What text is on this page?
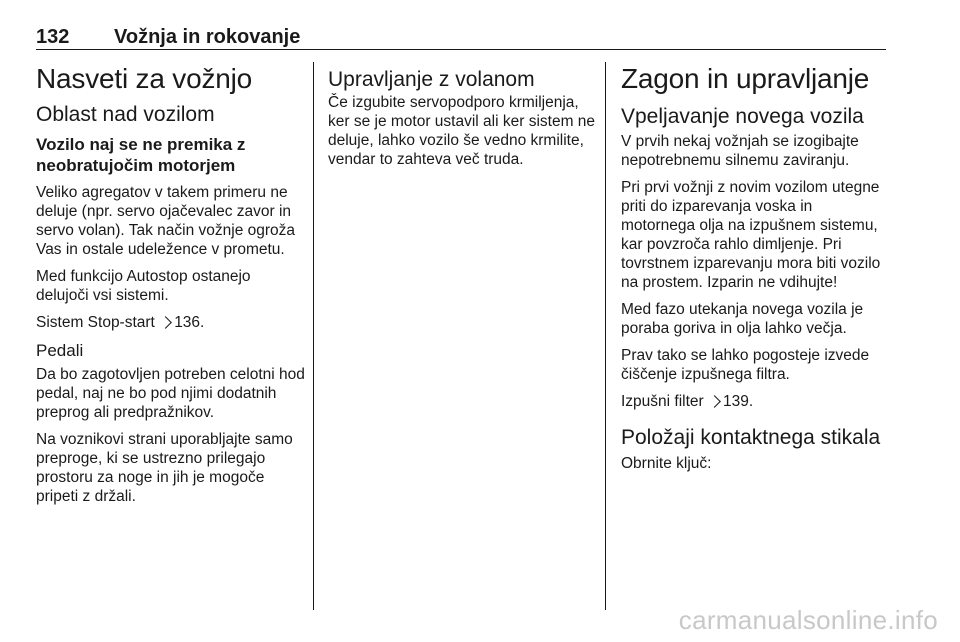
132 Vožnja in rokovanje
Nasveti za vožnjo
Oblast nad vozilom
Vozilo naj se ne premika z neobratujočim motorjem
Veliko agregatov v takem primeru ne deluje (npr. servo ojačevalec zavor in servo volan). Tak način vožnje ogroža Vas in ostale udeležence v prometu.
Med funkcijo Autostop ostanejo delujoči vsi sistemi.
Sistem Stop-start 136.
Pedali
Da bo zagotovljen potreben celotni hod pedal, naj ne bo pod njimi dodatnih preprog ali predpražnikov.
Na voznikovi strani uporabljajte samo preproge, ki se ustrezno prilegajo prostoru za noge in jih je mogoče pripeti z držali.
Upravljanje z volanom
Če izgubite servopodporo krmiljenja, ker se je motor ustavil ali ker sistem ne deluje, lahko vozilo še vedno krmilite, vendar to zahteva več truda.
Zagon in upravljanje
Vpeljavanje novega vozila
V prvih nekaj vožnjah se izogibajte nepotrebnemu silnemu zaviranju.
Pri prvi vožnji z novim vozilom utegne priti do izparevanja voska in motornega olja na izpušnem sistemu, kar povzroča rahlo dimljenje. Pri tovrstnem izparevanju mora biti vozilo na prostem. Izparin ne vdihujte!
Med fazo utekanja novega vozila je poraba goriva in olja lahko večja.
Prav tako se lahko pogosteje izvede čiščenje izpušnega filtra.
Izpušni filter 139.
Položaji kontaktnega stikala
Obrnite ključ:
carmanualsonline.info
